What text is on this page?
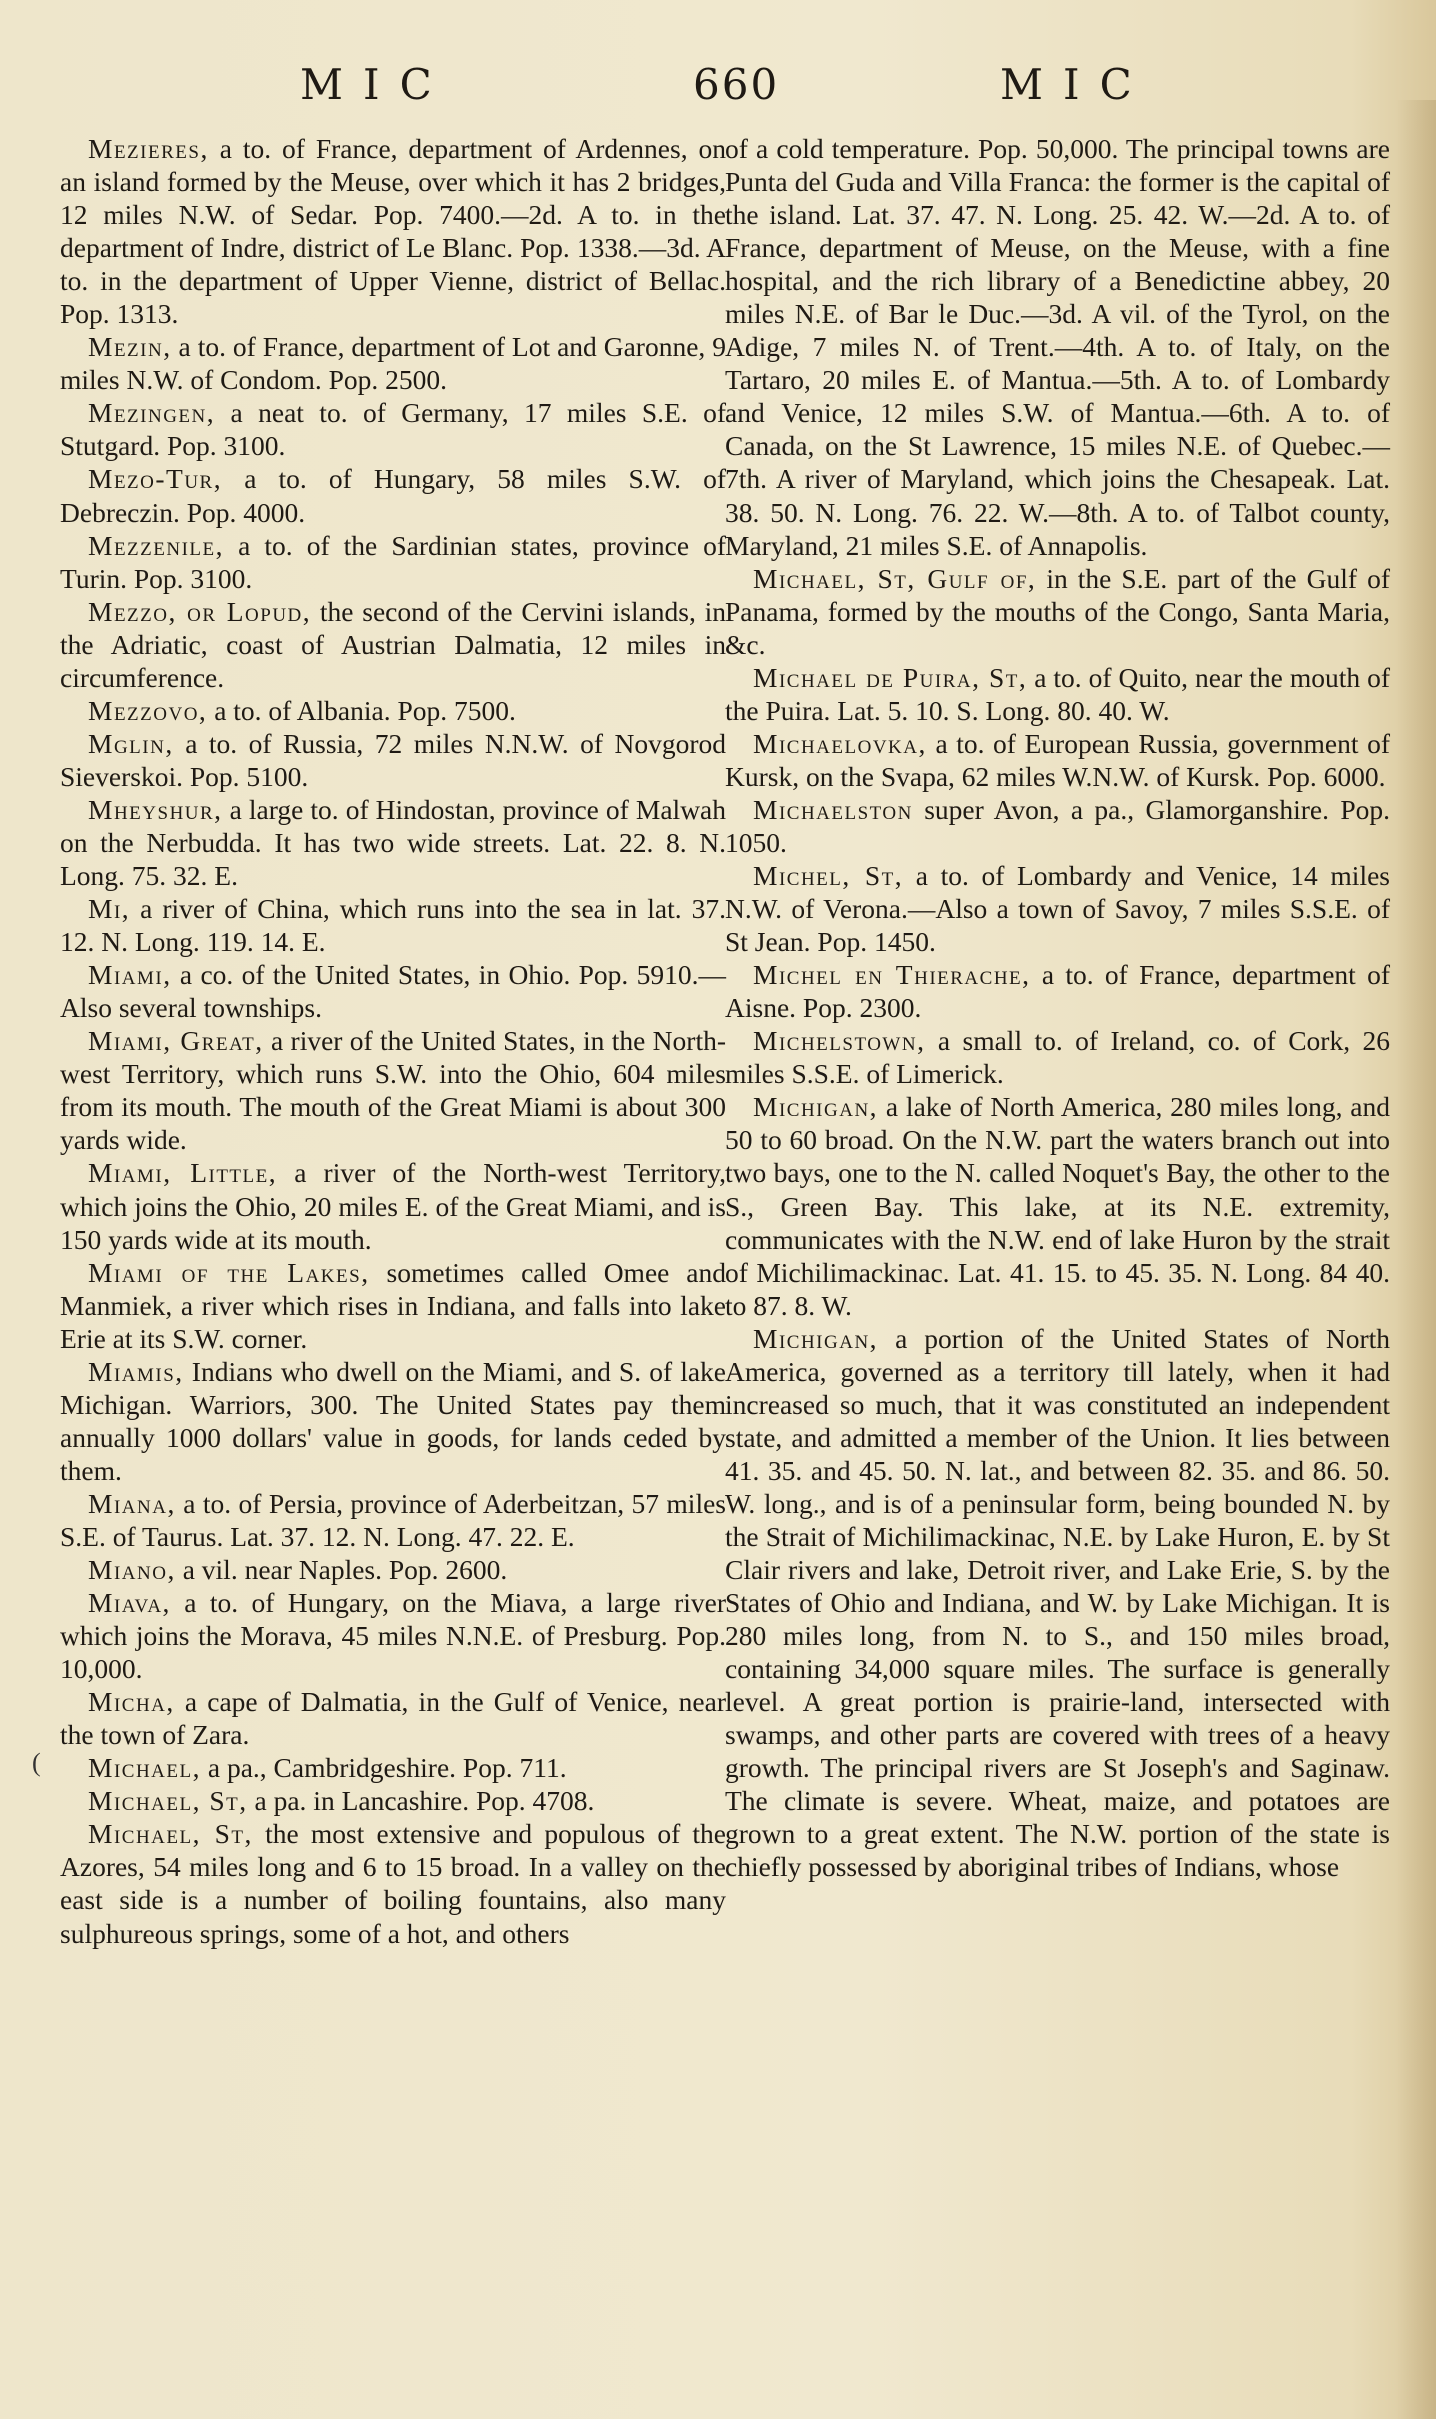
MIC	660	MIC
(

Mezieres, a to. of France, department of Ardennes, on an island formed by the Meuse, over which it has 2 bridges, 12 miles N.W. of Sedar. Pop. 7400.—2d. A to. in the department of Indre, district of Le Blanc. Pop. 1338.—3d. A to. in the department of Upper Vienne, district of Bellac. Pop. 1313.

Mezin, a to. of France, department of Lot and Garonne, 9 miles N.W. of Condom. Pop. 2500.

Mezingen, a neat to. of Germany, 17 miles S.E. of Stutgard. Pop. 3100.

Mezo-Tur, a to. of Hungary, 58 miles S.W. of Debreczin. Pop. 4000.

Mezzenile, a to. of the Sardinian states, province of Turin. Pop. 3100.

Mezzo, or Lopud, the second of the Cervini islands, in the Adriatic, coast of Austrian Dalmatia, 12 miles in circumference.

Mezzovo, a to. of Albania. Pop. 7500.

Mglin, a to. of Russia, 72 miles N.N.W. of Novgorod Sieverskoi. Pop. 5100.

Mheyshur, a large to. of Hindostan, province of Malwah on the Nerbudda. It has two wide streets. Lat. 22. 8. N. Long. 75. 32. E.

Mi, a river of China, which runs into the sea in lat. 37. 12. N. Long. 119. 14. E.

Miami, a co. of the United States, in Ohio. Pop. 5910.—Also several townships.

Miami, Great, a river of the United States, in the North-west Territory, which runs S.W. into the Ohio, 604 miles from its mouth. The mouth of the Great Miami is about 300 yards wide.

Miami, Little, a river of the North-west Territory, which joins the Ohio, 20 miles E. of the Great Miami, and is 150 yards wide at its mouth.

Miami of the Lakes, sometimes called Omee and Manmiek, a river which rises in Indiana, and falls into lake Erie at its S.W. corner.

Miamis, Indians who dwell on the Miami, and S. of lake Michigan. Warriors, 300. The United States pay them annually 1000 dollars' value in goods, for lands ceded by them.

Miana, a to. of Persia, province of Aderbeitzan, 57 miles S.E. of Taurus. Lat. 37. 12. N. Long. 47. 22. E.

Miano, a vil. near Naples. Pop. 2600.

Miava, a to. of Hungary, on the Miava, a large river which joins the Morava, 45 miles N.N.E. of Presburg. Pop. 10,000.

Micha, a cape of Dalmatia, in the Gulf of Venice, near the town of Zara.

Michael, a pa., Cambridgeshire. Pop. 711.

Michael, St, a pa. in Lancashire. Pop. 4708.

Michael, St, the most extensive and populous of the Azores, 54 miles long and 6 to 15 broad. In a valley on the east side is a number of boiling fountains, also many sulphureous springs, some of a hot, and others

of a cold temperature. Pop. 50,000. The principal towns are Punta del Guda and Villa Franca: the former is the capital of the island. Lat. 37. 47. N. Long. 25. 42. W.—2d. A to. of France, department of Meuse, on the Meuse, with a fine hospital, and the rich library of a Benedictine abbey, 20 miles N.E. of Bar le Duc.—3d. A vil. of the Tyrol, on the Adige, 7 miles N. of Trent.—4th. A to. of Italy, on the Tartaro, 20 miles E. of Mantua.—5th. A to. of Lombardy and Venice, 12 miles S.W. of Mantua.—6th. A to. of Canada, on the St Lawrence, 15 miles N.E. of Quebec.—7th. A river of Maryland, which joins the Chesapeak. Lat. 38. 50. N. Long. 76. 22. W.—8th. A to. of Talbot county, Maryland, 21 miles S.E. of Annapolis.

Michael, St, Gulf of, in the S.E. part of the Gulf of Panama, formed by the mouths of the Congo, Santa Maria, &c.

Michael de Puira, St, a to. of Quito, near the mouth of the Puira. Lat. 5. 10. S. Long. 80. 40. W.

Michaelovka, a to. of European Russia, government of Kursk, on the Svapa, 62 miles W.N.W. of Kursk. Pop. 6000.

Michaelston super Avon, a pa., Glamorganshire. Pop. 1050.

Michel, St, a to. of Lombardy and Venice, 14 miles N.W. of Verona.—Also a town of Savoy, 7 miles S.S.E. of St Jean. Pop. 1450.

Michel en Thierache, a to. of France, department of Aisne. Pop. 2300.

Michelstown, a small to. of Ireland, co. of Cork, 26 miles S.S.E. of Limerick.

Michigan, a lake of North America, 280 miles long, and 50 to 60 broad. On the N.W. part the waters branch out into two bays, one to the N. called Noquet's Bay, the other to the S., Green Bay. This lake, at its N.E. extremity, communicates with the N.W. end of lake Huron by the strait of Michilimackinac. Lat. 41. 15. to 45. 35. N. Long. 84 40. to 87. 8. W.

Michigan, a portion of the United States of North America, governed as a territory till lately, when it had increased so much, that it was constituted an independent state, and admitted a member of the Union. It lies between 41. 35. and 45. 50. N. lat., and between 82. 35. and 86. 50. W. long., and is of a peninsular form, being bounded N. by the Strait of Michilimackinac, N.E. by Lake Huron, E. by St Clair rivers and lake, Detroit river, and Lake Erie, S. by the States of Ohio and Indiana, and W. by Lake Michigan. It is 280 miles long, from N. to S., and 150 miles broad, containing 34,000 square miles. The surface is generally level. A great portion is prairie-land, intersected with swamps, and other parts are covered with trees of a heavy growth. The principal rivers are St Joseph's and Saginaw. The climate is severe. Wheat, maize, and potatoes are grown to a great extent. The N.W. portion of the state is chiefly possessed by aboriginal tribes of Indians, whose
